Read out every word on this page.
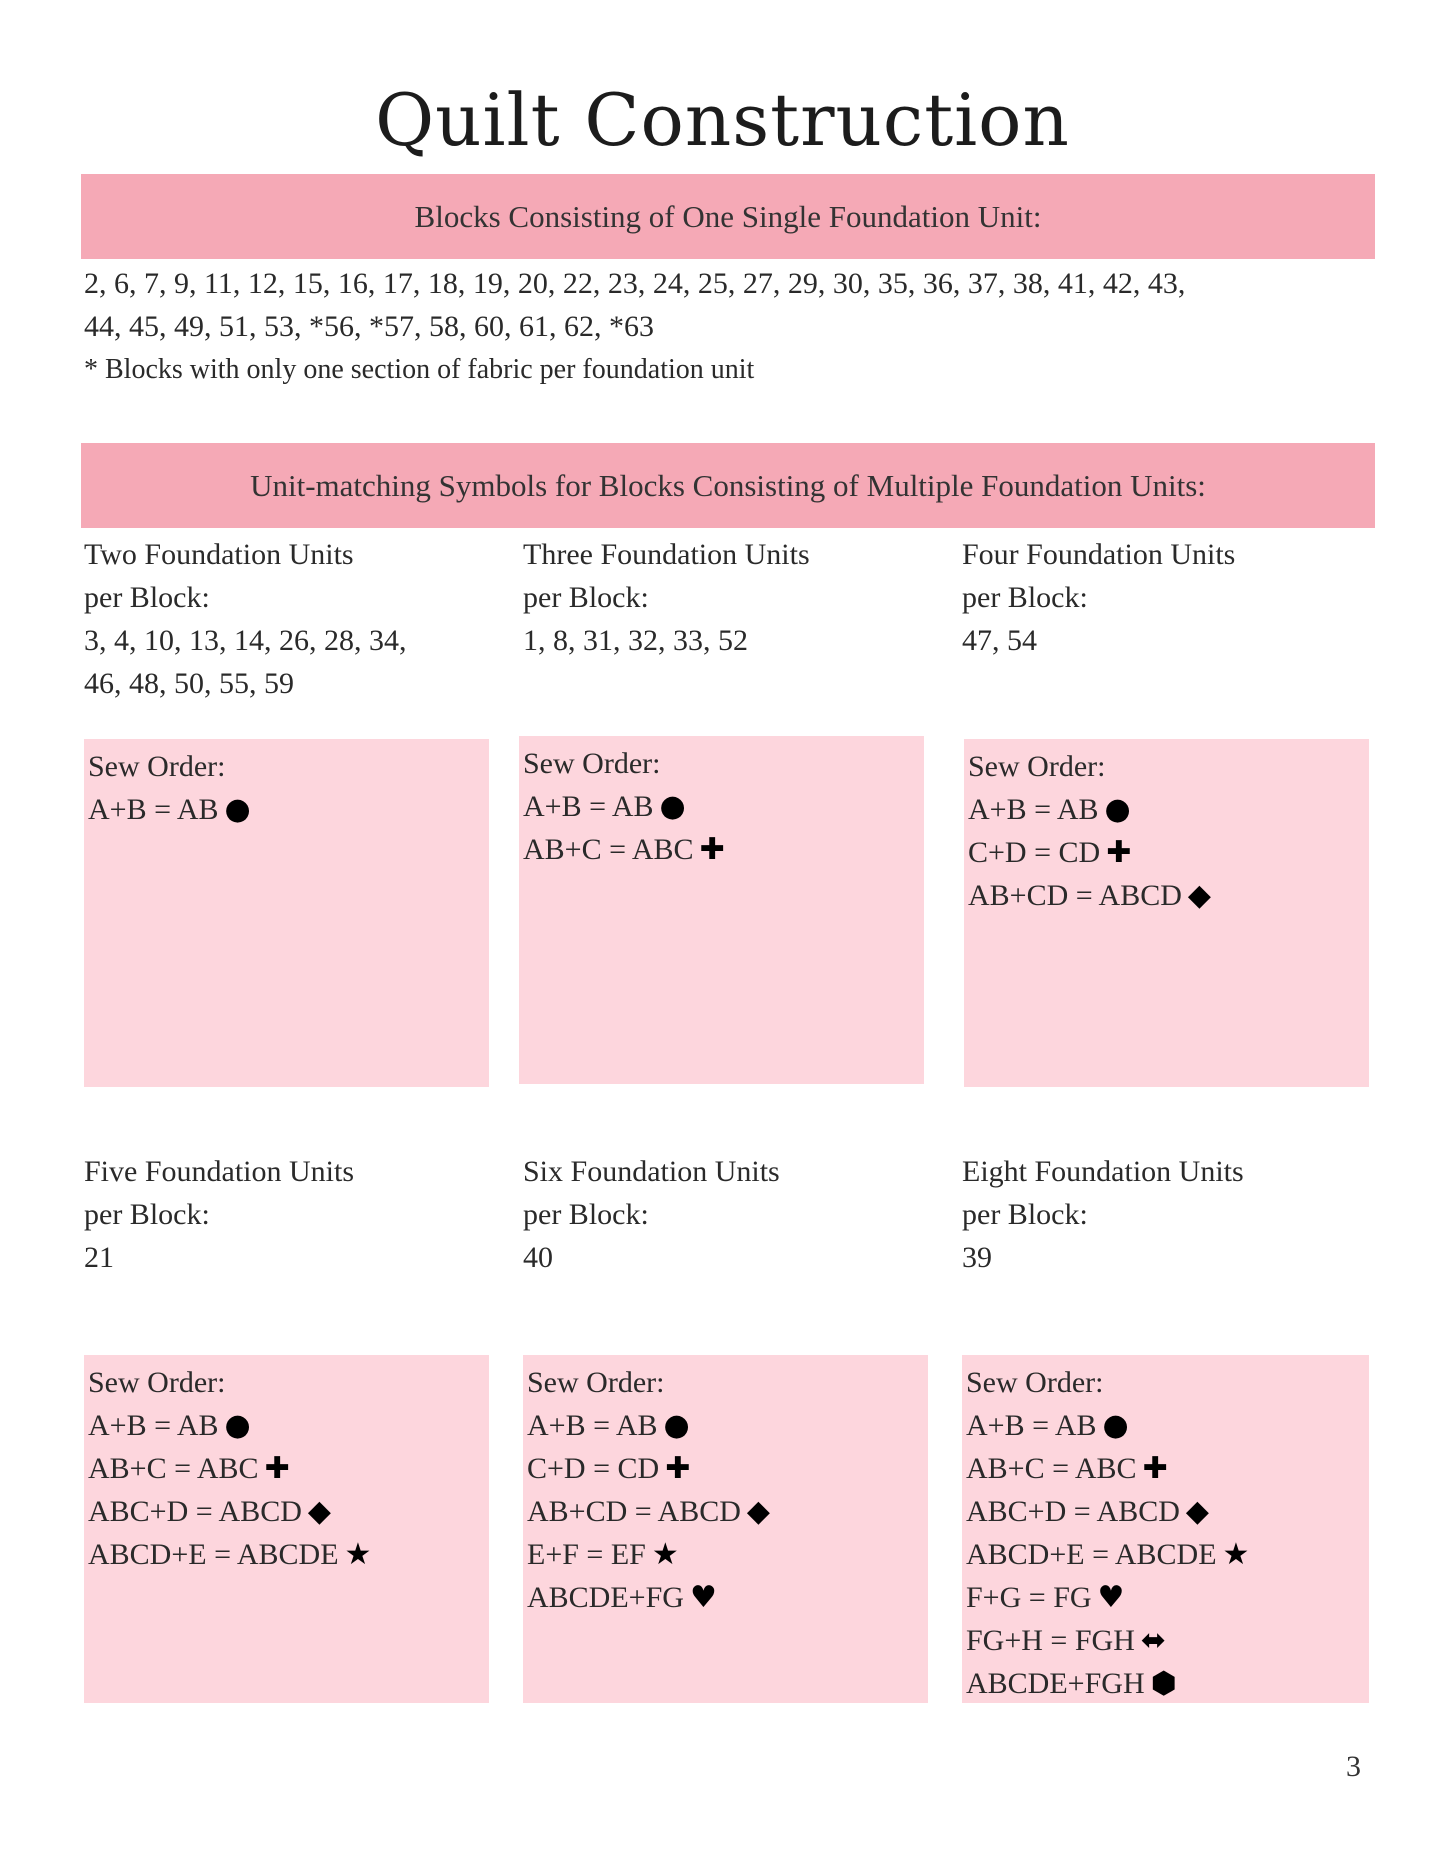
Quilt Construction
Blocks Consisting of One Single Foundation Unit:

2, 6, 7, 9, 11, 12, 15, 16, 17, 18, 19, 20, 22, 23, 24, 25, 27, 29, 30, 35, 36, 37, 38, 41, 42, 43,

44, 45, 49, 51, 53, *56, *57, 58, 60, 61, 62, *63

* Blocks with only one section of fabric per foundation unit

Unit-matching Symbols for Blocks Consisting of Multiple Foundation Units:

Two Foundation Units

per Block:

3, 4, 10, 13, 14, 26, 28, 34,

46, 48, 50, 55, 59

Three Foundation Units

per Block:

1, 8, 31, 32, 33, 52

Four Foundation Units

per Block:

47, 54

Sew Order:

A+B = AB ●

Sew Order:

A+B = AB ●

AB+C = ABC ✚

Sew Order:

A+B = AB ●

C+D = CD ✚

AB+CD = ABCD ◆

Five Foundation Units

per Block:

21

Six Foundation Units

per Block:

40

Eight Foundation Units

per Block:

39

Sew Order:

A+B = AB ●

AB+C = ABC ✚

ABC+D = ABCD ◆

ABCD+E = ABCDE ★

Sew Order:

A+B = AB ●

C+D = CD ✚

AB+CD = ABCD ◆

E+F = EF ★

ABCDE+FG ♥

Sew Order:

A+B = AB ●

AB+C = ABC ✚

ABC+D = ABCD ◆

ABCD+E = ABCDE ★

F+G = FG ♥

FG+H = FGH ⬌

ABCDE+FGH ⬢

3
